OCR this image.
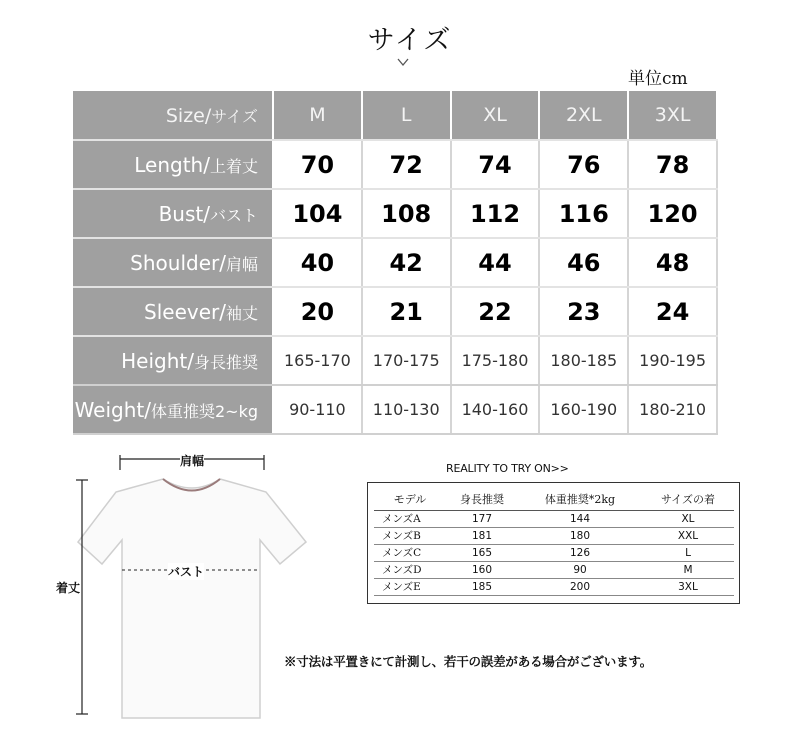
サイズ
単位cm
Size/サイズ	M	L	XL	2XL	3XL
Length/上着丈	70	72	74	76	78
Bust/バスト	104	108	112	116	120
Shoulder/肩幅	40	42	44	46	48
Sleever/袖丈	20	21	22	23	24
Height/身長推奨	165-170	170-175	175-180	180-185	190-195
Weight/体重推奨2~kg	90-110	110-130	140-160	160-190	180-210
肩幅
バスト
着丈
REALITY TO TRY ON>>
モデル	身長推奨	体重推奨*2kg	サイズの着
メンズA	177	144	XL
メンズB	181	180	XXL
メンズC	165	126	L
メンズD	160	90	M
メンズE	185	200	3XL
※寸法は平置きにて計測し、若干の誤差がある場合がございます。
